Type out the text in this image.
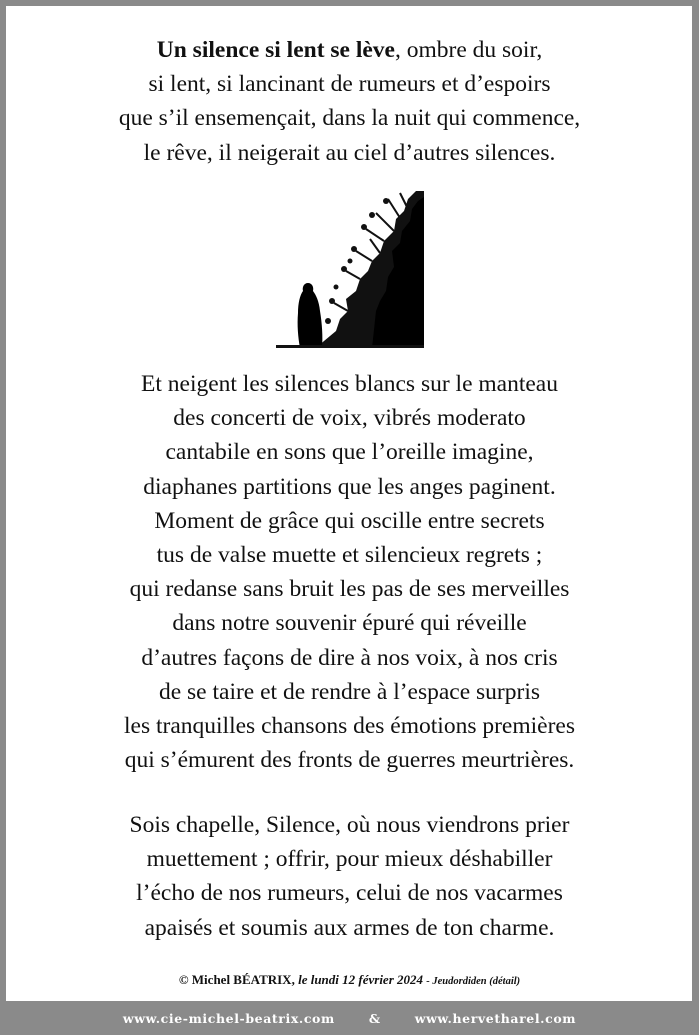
Un silence si lent se lève, ombre du soir,
si lent, si lancinant de rumeurs et d’espoirs
que s’il ensemençait, dans la nuit qui commence,
le rêve, il neigerait au ciel d’autres silences.
Et neigent les silences blancs sur le manteau
des concerti de voix, vibrés moderato
cantabile en sons que l’oreille imagine,
diaphanes partitions que les anges paginent.
Moment de grâce qui oscille entre secrets
tus de valse muette et silencieux regrets ;
qui redanse sans bruit les pas de ses merveilles
dans notre souvenir épuré qui réveille
d’autres façons de dire à nos voix, à nos cris
de se taire et de rendre à l’espace surpris
les tranquilles chansons des émotions premières
qui s’émurent des fronts de guerres meurtrières.
Sois chapelle, Silence, où nous viendrons prier
muettement ; offrir, pour mieux déshabiller
l’écho de nos rumeurs, celui de nos vacarmes
apaisés et soumis aux armes de ton charme.
© Michel BÉATRIX, le lundi 12 février 2024 - Jeudordiden (détail)
www.cie-michel-beatrix.com	&	www.hervetharel.com
